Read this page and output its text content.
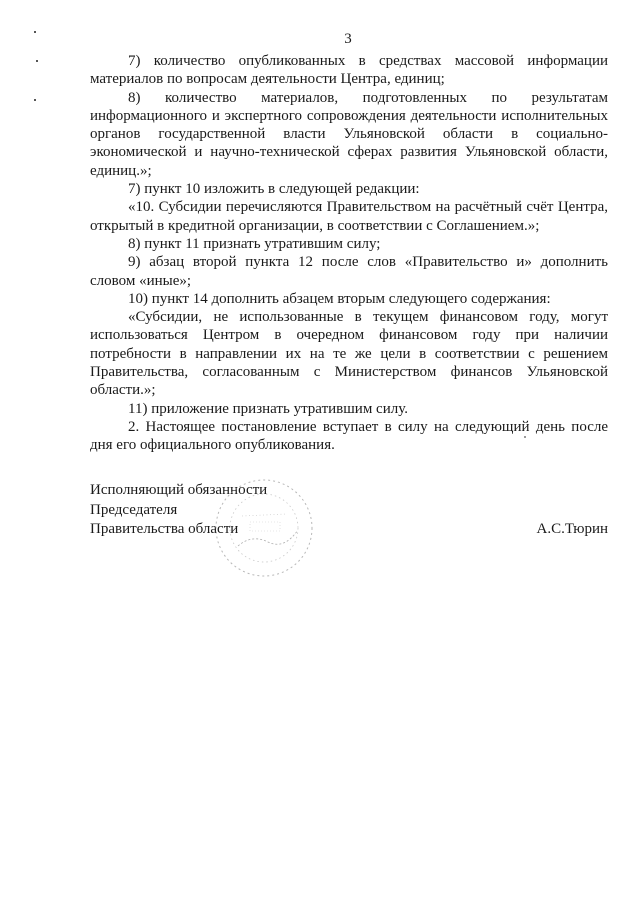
3

7) количество опубликованных в средствах массовой информации материалов по вопросам деятельности Центра, единиц;

8) количество материалов, подготовленных по результатам информационного и экспертного сопровождения деятельности исполнительных органов государственной власти Ульяновской области в социально-экономической и научно-технической сферах развития Ульяновской области, единиц.»;

7) пункт 10 изложить в следующей редакции:

«10. Субсидии перечисляются Правительством на расчётный счёт Центра, открытый в кредитной организации, в соответствии с Соглашением.»;

8) пункт 11 признать утратившим силу;

9) абзац второй пункта 12 после слов «Правительство и» дополнить словом «иные»;

10) пункт 14 дополнить абзацем вторым следующего содержания:

«Субсидии, не использованные в текущем финансовом году, могут использоваться Центром в очередном финансовом году при наличии потребности в направлении их на те же цели в соответствии с решением Правительства, согласованным с Министерством финансов Ульяновской области.»;

11) приложение признать утратившим силу.

2. Настоящее постановление вступает в силу на следующий день после дня его официального опубликования.

Исполняющий обязанности
Председателя
Правительства области	А.С.Тюрин
